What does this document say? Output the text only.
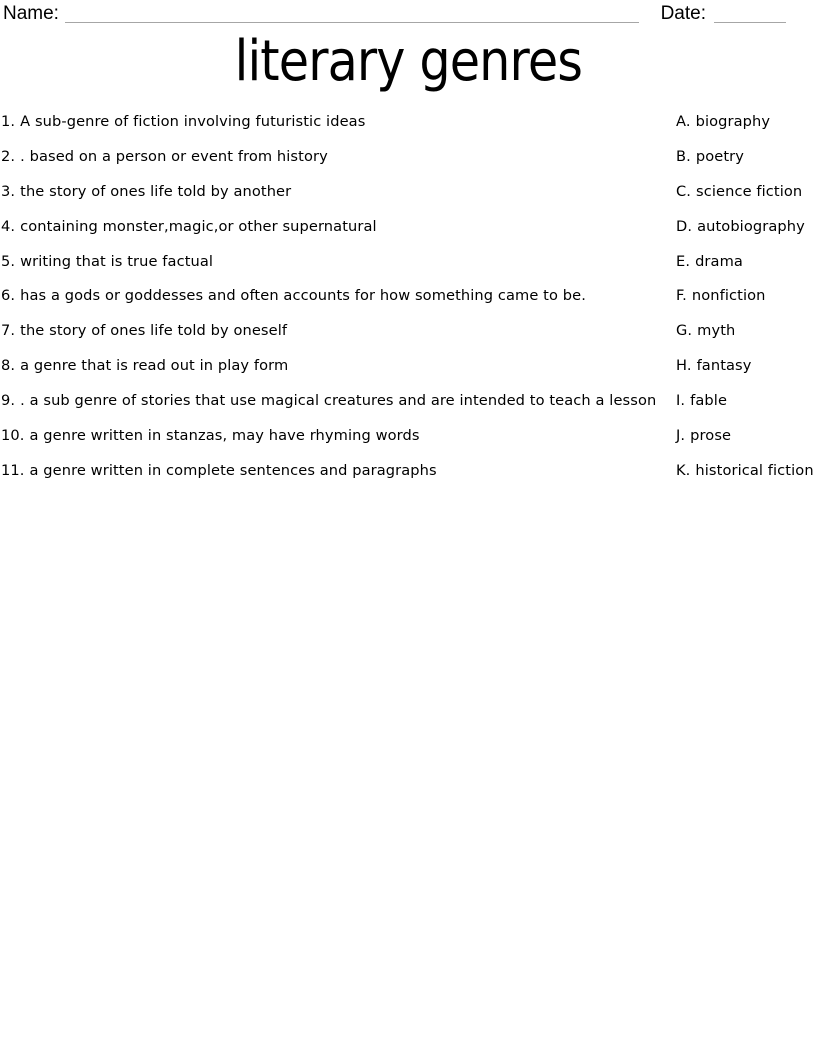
Name:	Date:
literary genres
1. A sub-genre of fiction involving futuristic ideas
2. . based on a person or event from history
3. the story of ones life told by another
4. containing monster,magic,or other supernatural
5. writing that is true factual
6. has a gods or goddesses and often accounts for how something came to be.
7. the story of ones life told by oneself
8. a genre that is read out in play form
9. . a sub genre of stories that use magical creatures and are intended to teach a lesson
10. a genre written in stanzas, may have rhyming words
11. a genre written in complete sentences and paragraphs
A. biography
B. poetry
C. science fiction
D. autobiography
E. drama
F. nonfiction
G. myth
H. fantasy
I. fable
J. prose
K. historical fiction
